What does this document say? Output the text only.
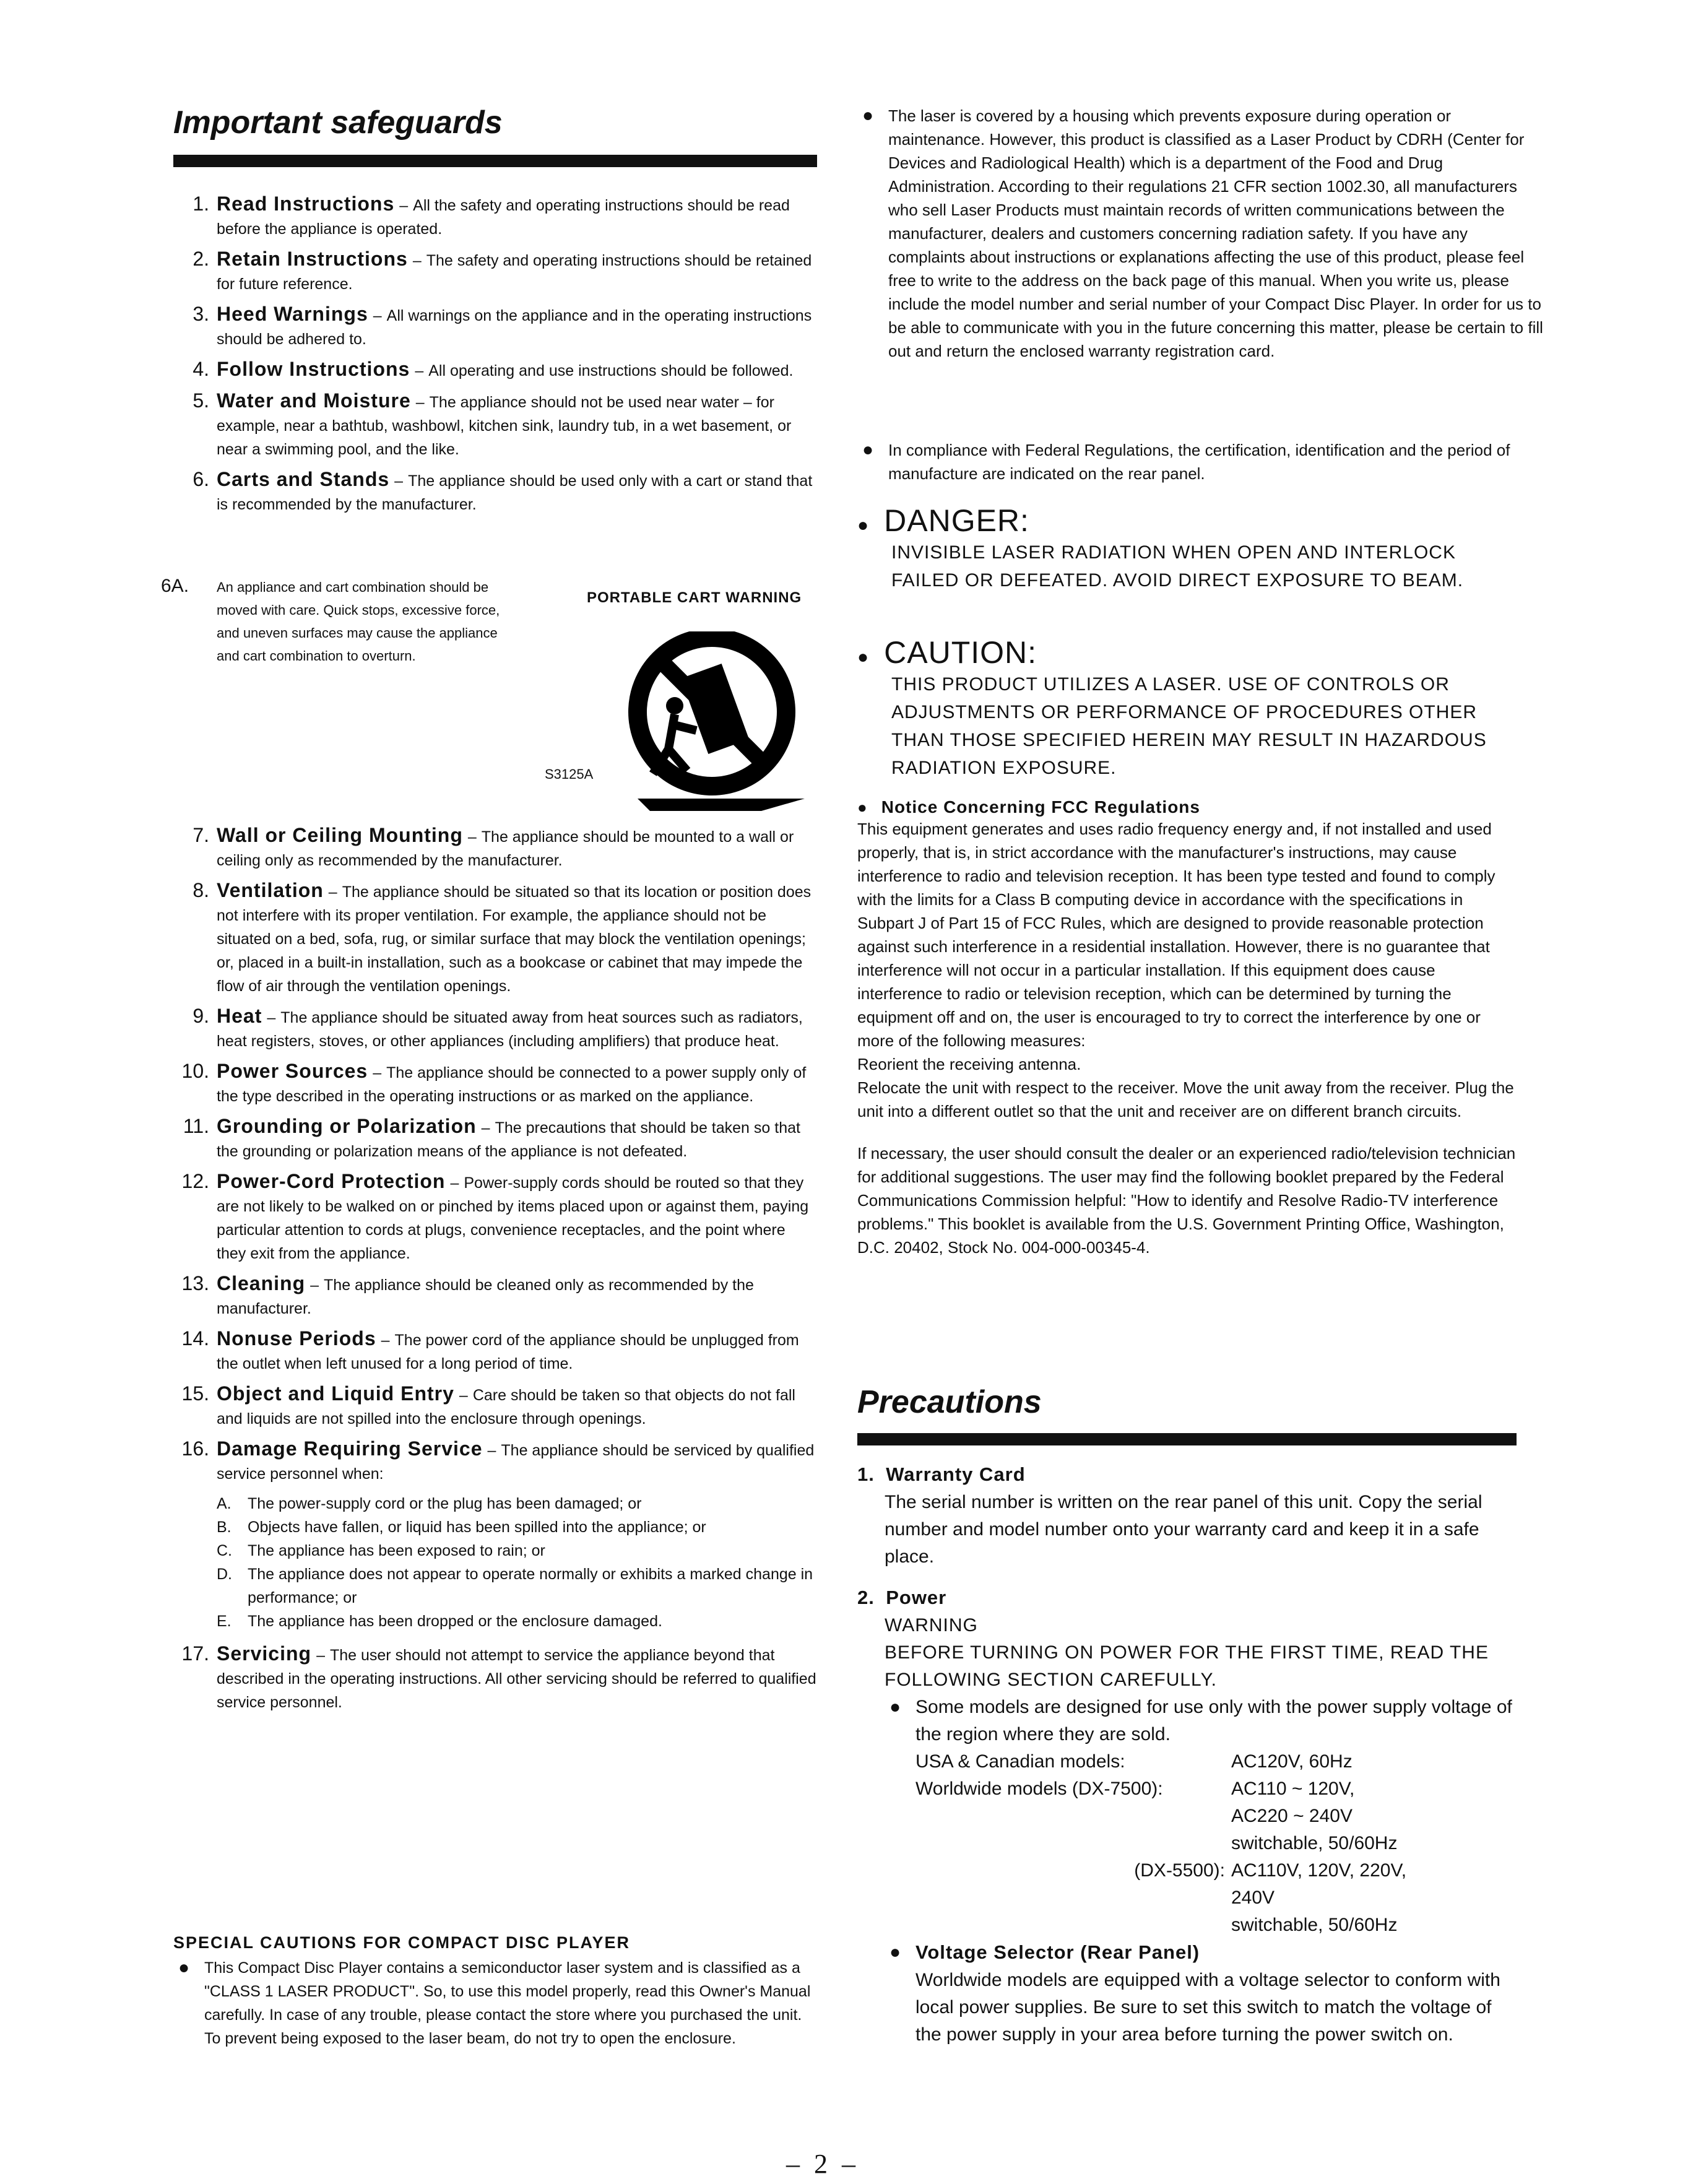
Important safeguards
1. Read Instructions – All the safety and operating instructions should be read before the appliance is operated.
2. Retain Instructions – The safety and operating instructions should be retained for future reference.
3. Heed Warnings – All warnings on the appliance and in the operating instructions should be adhered to.
4. Follow Instructions – All operating and use instructions should be followed.
5. Water and Moisture – The appliance should not be used near water – for example, near a bathtub, washbowl, kitchen sink, laundry tub, in a wet basement, or near a swimming pool, and the like.
6. Carts and Stands – The appliance should be used only with a cart or stand that is recommended by the manufacturer.
6A. An appliance and cart combination should be moved with care. Quick stops, excessive force, and uneven surfaces may cause the appliance and cart combination to overturn.
PORTABLE CART WARNING
S3125A
7. Wall or Ceiling Mounting – The appliance should be mounted to a wall or ceiling only as recommended by the manufacturer.
8. Ventilation – The appliance should be situated so that its location or position does not interfere with its proper ventilation. For example, the appliance should not be situated on a bed, sofa, rug, or similar surface that may block the ventilation openings; or, placed in a built-in installation, such as a bookcase or cabinet that may impede the flow of air through the ventilation openings.
9. Heat – The appliance should be situated away from heat sources such as radiators, heat registers, stoves, or other appliances (including amplifiers) that produce heat.
10. Power Sources – The appliance should be connected to a power supply only of the type described in the operating instructions or as marked on the appliance.
11. Grounding or Polarization – The precautions that should be taken so that the grounding or polarization means of the appliance is not defeated.
12. Power-Cord Protection – Power-supply cords should be routed so that they are not likely to be walked on or pinched by items placed upon or against them, paying particular attention to cords at plugs, convenience receptacles, and the point where they exit from the appliance.
13. Cleaning – The appliance should be cleaned only as recommended by the manufacturer.
14. Nonuse Periods – The power cord of the appliance should be unplugged from the outlet when left unused for a long period of time.
15. Object and Liquid Entry – Care should be taken so that objects do not fall and liquids are not spilled into the enclosure through openings.
16. Damage Requiring Service – The appliance should be serviced by qualified service personnel when:
A. The power-supply cord or the plug has been damaged; or
B. Objects have fallen, or liquid has been spilled into the appliance; or
C. The appliance has been exposed to rain; or
D. The appliance does not appear to operate normally or exhibits a marked change in performance; or
E. The appliance has been dropped or the enclosure damaged.
17. Servicing – The user should not attempt to service the appliance beyond that described in the operating instructions. All other servicing should be referred to qualified service personnel.
SPECIAL CAUTIONS FOR COMPACT DISC PLAYER
● This Compact Disc Player contains a semiconductor laser system and is classified as a "CLASS 1 LASER PRODUCT". So, to use this model properly, read this Owner's Manual carefully. In case of any trouble, please contact the store where you purchased the unit. To prevent being exposed to the laser beam, do not try to open the enclosure.
● The laser is covered by a housing which prevents exposure during operation or maintenance. However, this product is classified as a Laser Product by CDRH (Center for Devices and Radiological Health) which is a department of the Food and Drug Administration. According to their regulations 21 CFR section 1002.30, all manufacturers who sell Laser Products must maintain records of written communications between the manufacturer, dealers and customers concerning radiation safety. If you have any complaints about instructions or explanations affecting the use of this product, please feel free to write to the address on the back page of this manual. When you write us, please include the model number and serial number of your Compact Disc Player. In order for us to be able to communicate with you in the future concerning this matter, please be certain to fill out and return the enclosed warranty registration card.
● In compliance with Federal Regulations, the certification, identification and the period of manufacture are indicated on the rear panel.
● DANGER:
INVISIBLE LASER RADIATION WHEN OPEN AND INTERLOCK FAILED OR DEFEATED. AVOID DIRECT EXPOSURE TO BEAM.
● CAUTION:
THIS PRODUCT UTILIZES A LASER. USE OF CONTROLS OR ADJUSTMENTS OR PERFORMANCE OF PROCEDURES OTHER THAN THOSE SPECIFIED HEREIN MAY RESULT IN HAZARDOUS RADIATION EXPOSURE.
● Notice Concerning FCC Regulations
This equipment generates and uses radio frequency energy and, if not installed and used properly, that is, in strict accordance with the manufacturer's instructions, may cause interference to radio and television reception. It has been type tested and found to comply with the limits for a Class B computing device in accordance with the specifications in Subpart J of Part 15 of FCC Rules, which are designed to provide reasonable protection against such interference in a residential installation. However, there is no guarantee that interference will not occur in a particular installation. If this equipment does cause interference to radio or television reception, which can be determined by turning the equipment off and on, the user is encouraged to try to correct the interference by one or more of the following measures:
Reorient the receiving antenna.
Relocate the unit with respect to the receiver. Move the unit away from the receiver. Plug the unit into a different outlet so that the unit and receiver are on different branch circuits.
If necessary, the user should consult the dealer or an experienced radio/television technician for additional suggestions. The user may find the following booklet prepared by the Federal Communications Commission helpful: "How to identify and Resolve Radio-TV interference problems." This booklet is available from the U.S. Government Printing Office, Washington, D.C. 20402, Stock No. 004-000-00345-4.
Precautions
1. Warranty Card
The serial number is written on the rear panel of this unit. Copy the serial number and model number onto your warranty card and keep it in a safe place.
2. Power
WARNING
BEFORE TURNING ON POWER FOR THE FIRST TIME, READ THE FOLLOWING SECTION CAREFULLY.
● Some models are designed for use only with the power supply voltage of the region where they are sold.
USA & Canadian models:	AC120V, 60Hz
Worldwide models (DX-7500):	AC110 ~ 120V,
AC220 ~ 240V
switchable, 50/60Hz
(DX-5500): AC110V, 120V, 220V,
240V
switchable, 50/60Hz
● Voltage Selector (Rear Panel)
Worldwide models are equipped with a voltage selector to conform with local power supplies. Be sure to set this switch to match the voltage of the power supply in your area before turning the power switch on.
– 2 –
